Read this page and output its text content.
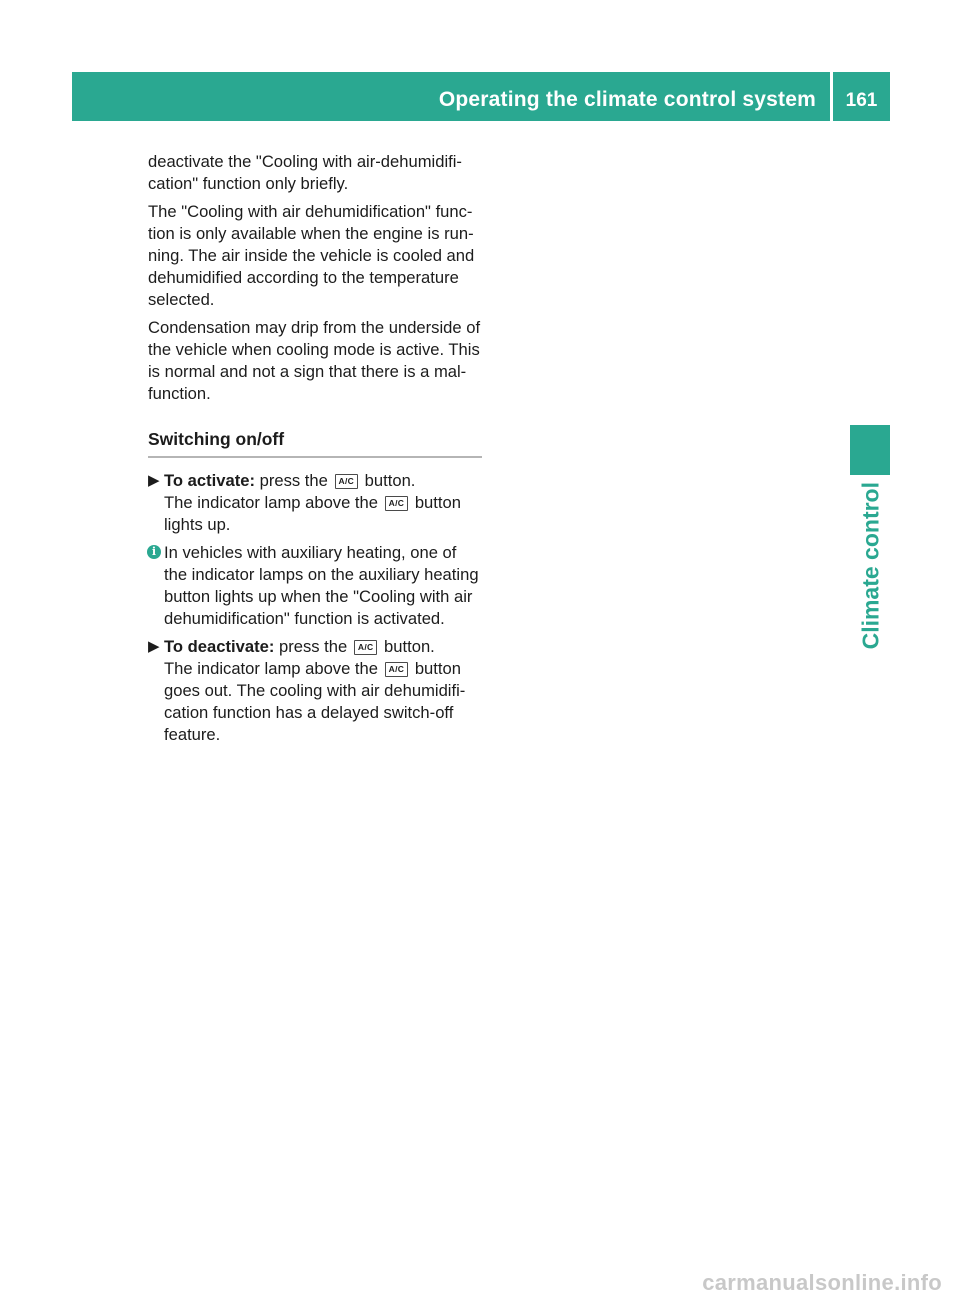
Operating the climate control system	161
Climate control

deactivate the "Cooling with air-dehumidifi- cation" function only briefly.

The "Cooling with air dehumidification" func- tion is only available when the engine is run- ning. The air inside the vehicle is cooled and dehumidified according to the temperature selected.

Condensation may drip from the underside of the vehicle when cooling mode is active. This is normal and not a sign that there is a mal- function.

Switching on/off
▶ To activate: press the A/C button.
The indicator lamp above the A/C button lights up.
i In vehicles with auxiliary heating, one of the indicator lamps on the auxiliary heating button lights up when the "Cooling with air dehumidification" function is activated.
▶ To deactivate: press the A/C button.
The indicator lamp above the A/C button goes out. The cooling with air dehumidifi- cation function has a delayed switch-off feature.
carmanualsonline.info
